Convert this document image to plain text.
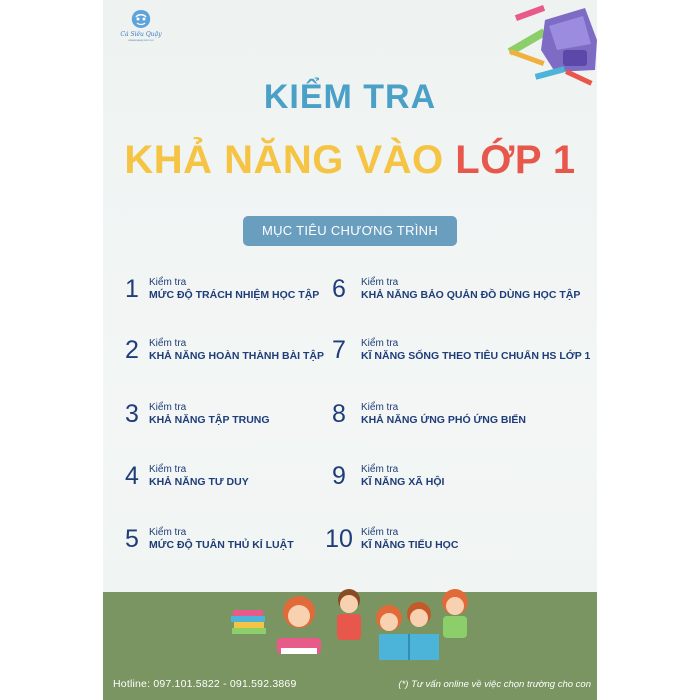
Cá Siêu Quậy
casieuquay.com.vn
KIỂM TRA
KHẢ NĂNG VÀO LỚP 1
MỤC TIÊU CHƯƠNG TRÌNH
1	Kiểm tra
MỨC ĐỘ TRÁCH NHIỆM HỌC TẬP
2	Kiểm tra
KHẢ NĂNG HOÀN THÀNH BÀI TẬP
3	Kiểm tra
KHẢ NĂNG TẬP TRUNG
4	Kiểm tra
KHẢ NĂNG TƯ DUY
5	Kiểm tra
MỨC ĐỘ TUÂN THỦ KỈ LUẬT
6	Kiểm tra
KHẢ NĂNG BẢO QUẢN ĐỒ DÙNG HỌC TẬP
7	Kiểm tra
KĨ NĂNG SỐNG THEO TIÊU CHUẨN HS LỚP 1
8	Kiểm tra
KHẢ NĂNG ỨNG PHÓ ỨNG BIẾN
9	Kiểm tra
KĨ NĂNG XÃ HỘI
10 Kiểm tra
KĨ NĂNG TIỂU HỌC
Hotline: 097.101.5822 - 091.592.3869	(*) Tư vấn online về việc chọn trường cho con
